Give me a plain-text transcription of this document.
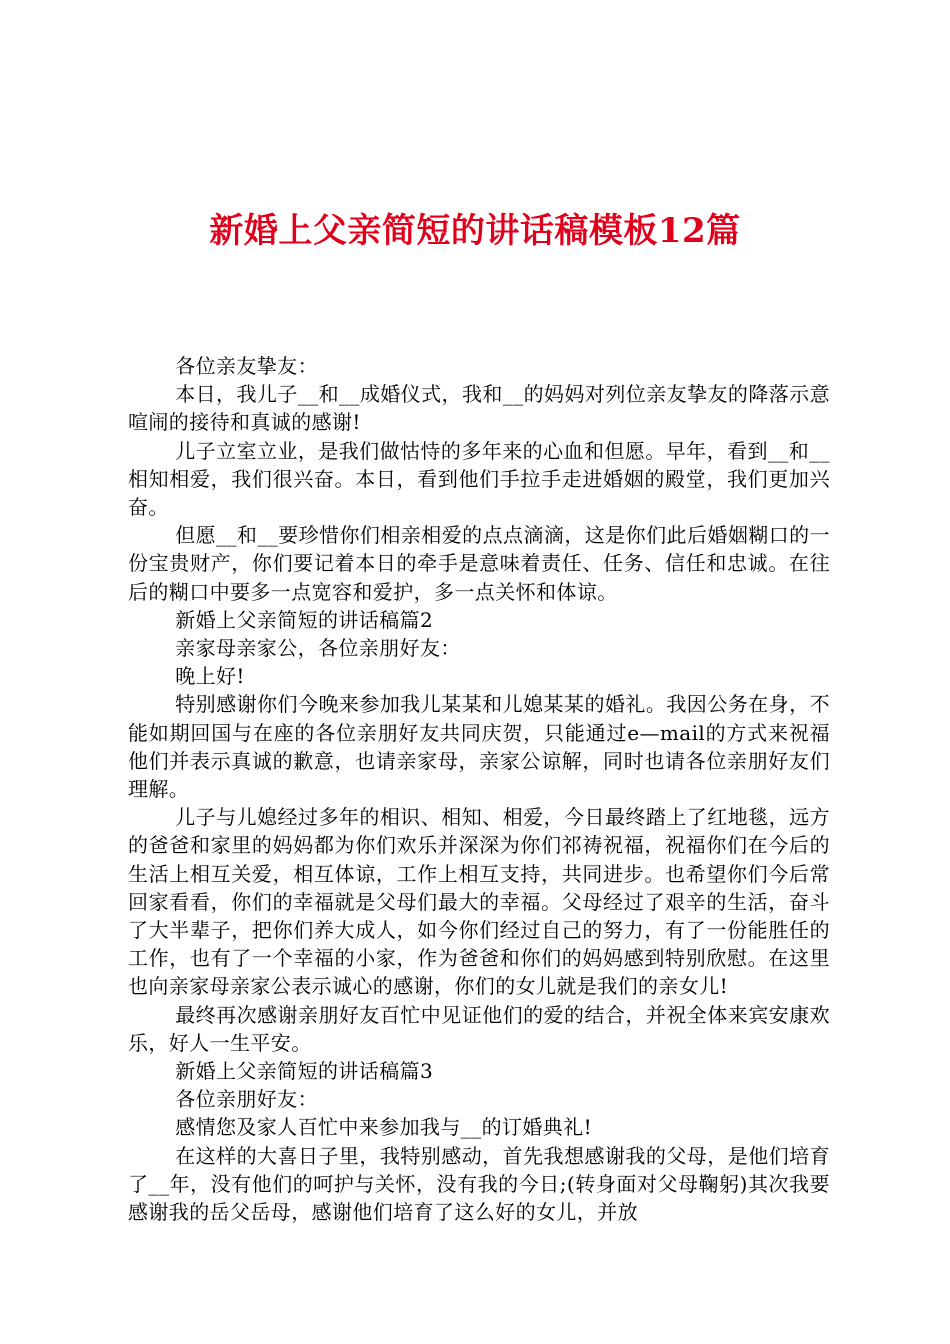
新婚上父亲简短的讲话稿模板12篇

各位亲友挚友：

本日，我儿子__和__成婚仪式，我和__的妈妈对列位亲友挚友的降落示意喧闹的接待和真诚的感谢!

儿子立室立业，是我们做怙恃的多年来的心血和但愿。早年，看到__和__相知相爱，我们很兴奋。本日，看到他们手拉手走进婚姻的殿堂，我们更加兴奋。

但愿__和__要珍惜你们相亲相爱的点点滴滴，这是你们此后婚姻糊口的一份宝贵财产，你们要记着本日的牵手是意味着责任、任务、信任和忠诚。在往后的糊口中要多一点宽容和爱护，多一点关怀和体谅。

新婚上父亲简短的讲话稿篇2

亲家母亲家公，各位亲朋好友：

晚上好!

特别感谢你们今晚来参加我儿某某和儿媳某某的婚礼。我因公务在身，不能如期回国与在座的各位亲朋好友共同庆贺，只能通过e—mail的方式来祝福他们并表示真诚的歉意，也请亲家母，亲家公谅解，同时也请各位亲朋好友们理解。

儿子与儿媳经过多年的相识、相知、相爱，今日最终踏上了红地毯，远方的爸爸和家里的妈妈都为你们欢乐并深深为你们祁祷祝福，祝福你们在今后的生活上相互关爱，相互体谅，工作上相互支持，共同进步。也希望你们今后常回家看看，你们的幸福就是父母们最大的幸福。父母经过了艰辛的生活，奋斗了大半辈子，把你们养大成人，如今你们经过自己的努力，有了一份能胜任的工作，也有了一个幸福的小家，作为爸爸和你们的妈妈感到特别欣慰。在这里也向亲家母亲家公表示诚心的感谢，你们的女儿就是我们的亲女儿!

最终再次感谢亲朋好友百忙中见证他们的爱的结合，并祝全体来宾安康欢乐，好人一生平安。

新婚上父亲简短的讲话稿篇3

各位亲朋好友：

感情您及家人百忙中来参加我与__的订婚典礼!

在这样的大喜日子里，我特别感动，首先我想感谢我的父母，是他们培育了__年，没有他们的呵护与关怀，没有我的今日;(转身面对父母鞠躬)其次我要感谢我的岳父岳母，感谢他们培育了这么好的女儿，并放
